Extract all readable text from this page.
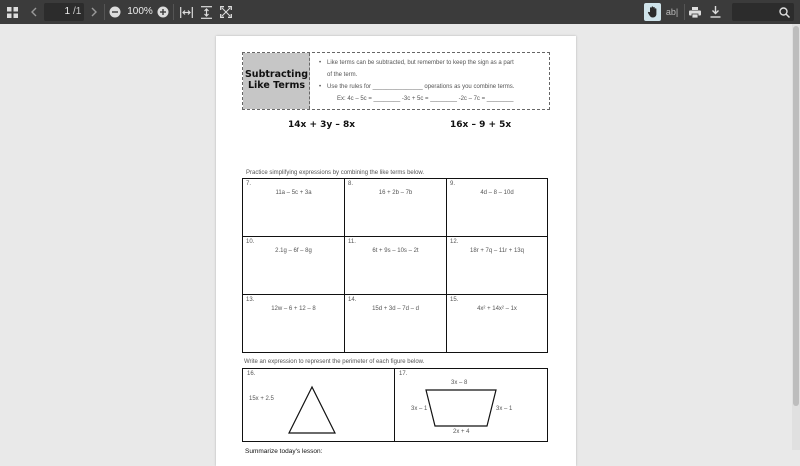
1 /1	100%	ab|
Subtracting
Like Terms
• Like terms can be subtracted, but remember to keep the sign as a part
of the term.
• Use the rules for _______________ operations as you combine terms.
Ex: 4c – 5c = ________ -3c + 5c = ________ -2c – 7c = ________
14x + 3y – 8x	16x – 9 + 5x
Practice simplifying expressions by combining the like terms below.
7.
11a – 5c + 3a
8.
16 + 2b – 7b
9.
4d – 8 – 10d
10.
2.1g – 6f – 8g
11.
6t + 9s – 10s – 2t
12.
18r + 7q – 11r + 13q
13.
12w – 6 + 12 – 8
14.
15d + 3d – 7d – d
15.
4x² + 14x² – 1x
Write an expression to represent the perimeter of each figure below.
16.
15x + 2.5
17.
3x – 8
3x – 1	3x – 1
2x + 4
Summarize today's lesson:
